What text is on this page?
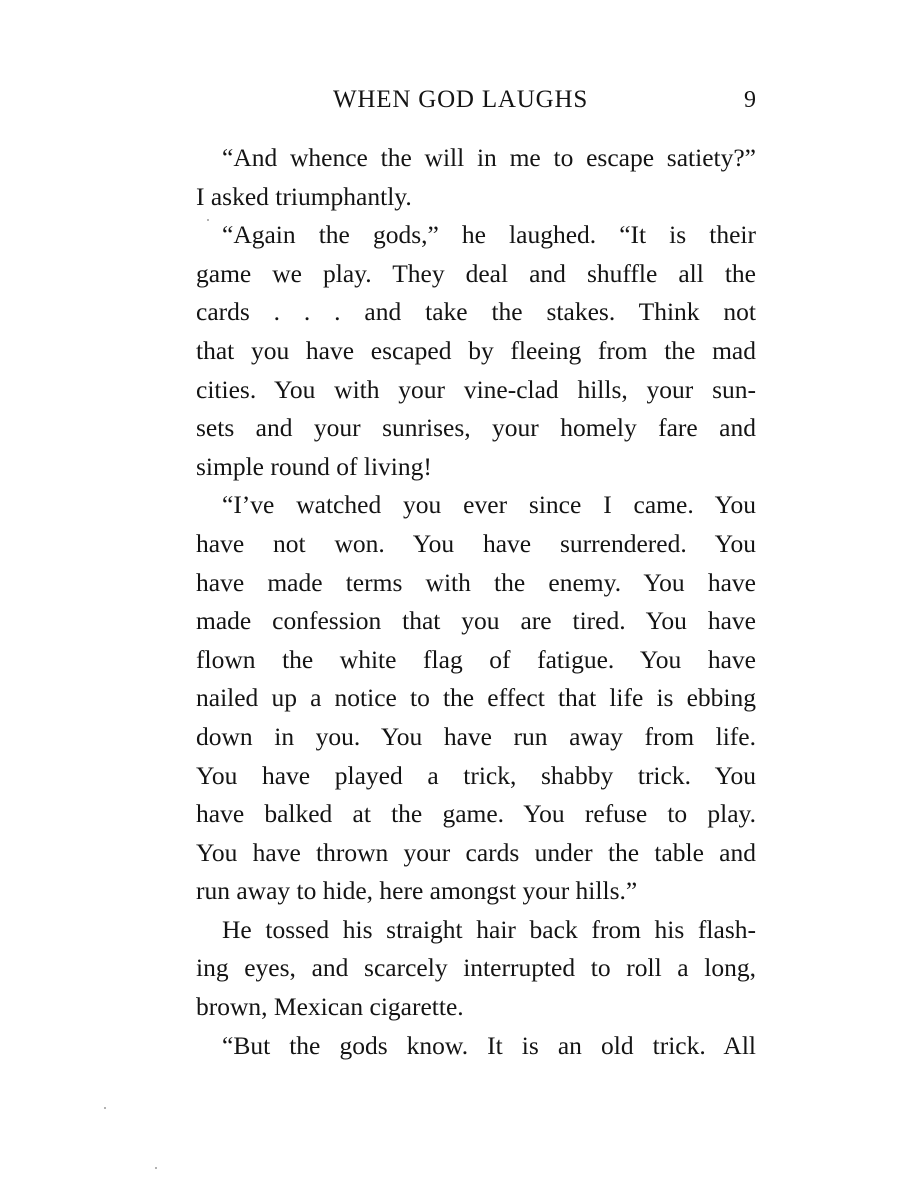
WHEN GOD LAUGHS	9
“And whence the will in me to escape satiety?”
I asked triumphantly.
“Again the gods,” he laughed. “It is their
game we play. They deal and shuffle all the
cards . . . and take the stakes. Think not
that you have escaped by fleeing from the mad
cities. You with your vine-clad hills, your sun-
sets and your sunrises, your homely fare and
simple round of living!
“I’ve watched you ever since I came. You
have not won. You have surrendered. You
have made terms with the enemy. You have
made confession that you are tired. You have
flown the white flag of fatigue. You have
nailed up a notice to the effect that life is ebbing
down in you. You have run away from life.
You have played a trick, shabby trick. You
have balked at the game. You refuse to play.
You have thrown your cards under the table and
run away to hide, here amongst your hills.”
He tossed his straight hair back from his flash-
ing eyes, and scarcely interrupted to roll a long,
brown, Mexican cigarette.
“But the gods know. It is an old trick. All
